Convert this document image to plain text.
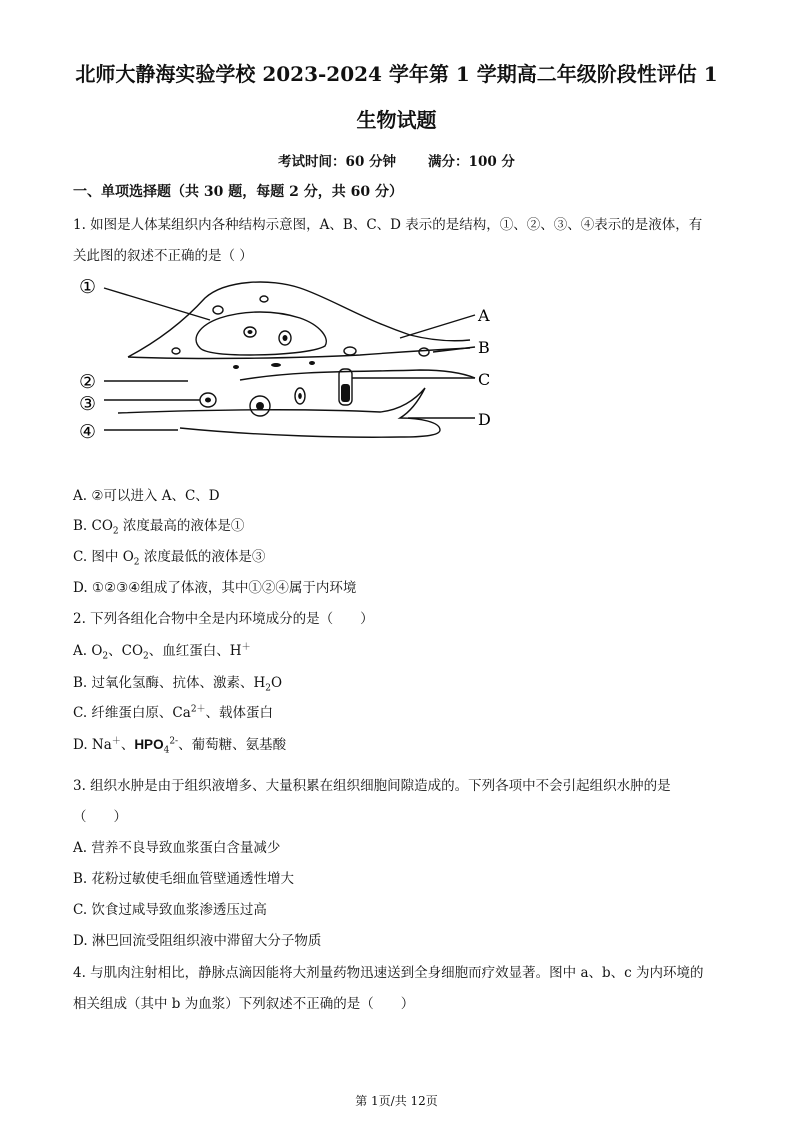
北师大静海实验学校 2023-2024 学年第 1 学期高二年级阶段性评估 1
生物试题
考试时间：60 分钟 满分：100 分
一、单项选择题（共 30 题，每题 2 分，共 60 分）
1. 如图是人体某组织内各种结构示意图，A、B、C、D 表示的是结构，①、②、③、④表示的是液体，有
关此图的叙述不正确的是（ ）
①
②
③
④
A
B
C
D
A. ②可以进入 A、C、D
B. $CO_2$ 浓度最高的液体是①
C. 图中 $O_2$ 浓度最低的液体是③
D. ①②③④组成了体液，其中①②④属于内环境
2. 下列各组化合物中全是内环境成分的是（　　）
A. $O_2$、$CO_2$、血红蛋白、H＋
B. 过氧化氢酶、抗体、激素、$H_2O$
C. 纤维蛋白原、$Ca^{2+}$、载体蛋白
D. Na＋、$HPO_4^{2-}$、葡萄糖、氨基酸
3. 组织水肿是由于组织液增多、大量积累在组织细胞间隙造成的。下列各项中不会引起组织水肿的是
（　　）
A. 营养不良导致血浆蛋白含量减少
B. 花粉过敏使毛细血管壁通透性增大
C. 饮食过咸导致血浆渗透压过高
D. 淋巴回流受阻组织液中滞留大分子物质
4. 与肌肉注射相比，静脉点滴因能将大剂量药物迅速送到全身细胞而疗效显著。图中 a、b、c 为内环境的
相关组成（其中 b 为血浆）下列叙述不正确的是（　　）
第 1页/共 12页
